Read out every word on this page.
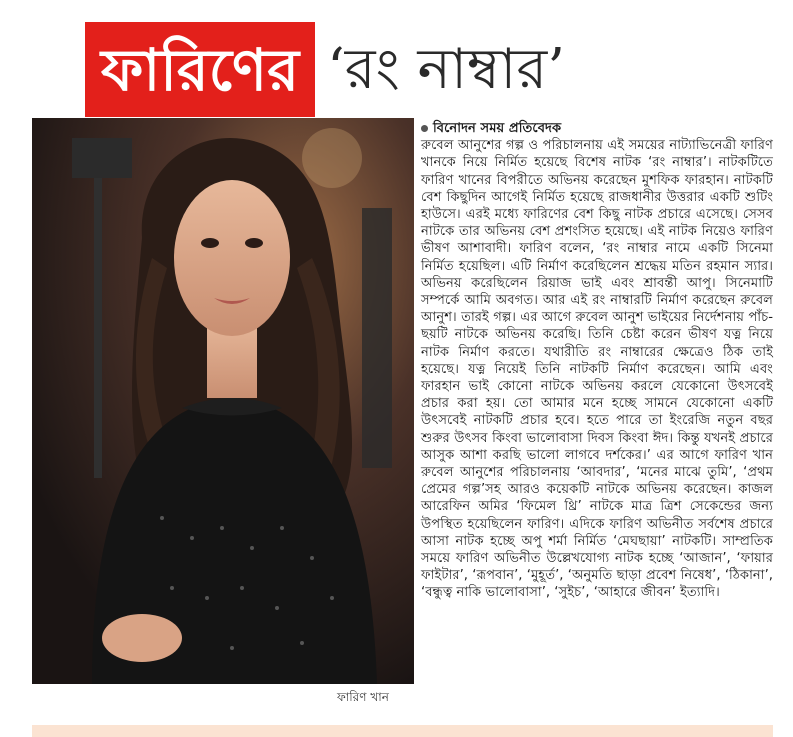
ফারিণের ‘রং নাম্বার’
ফারিণ খান
বিনোদন সময় প্রতিবেদক

রুবেল আনুশের গল্প ও পরিচালনায় এই সময়ের নাট্যাভিনেত্রী ফারিণ খানকে নিয়ে নির্মিত হয়েছে বিশেষ নাটক ‘রং নাম্বার’। নাটকটিতে ফারিণ খানের বিপরীতে অভিনয় করেছেন মুশফিক ফারহান। নাটকটি বেশ কিছুদিন আগেই নির্মিত হয়েছে রাজধানীর উত্তরার একটি শুটিং হাউসে। এরই মধ্যে ফারিণের বেশ কিছু নাটক প্রচারে এসেছে। সেসব নাটকে তার অভিনয় বেশ প্রশংসিত হয়েছে। এই নাটক নিয়েও ফারিণ ভীষণ আশাবাদী। ফারিণ বলেন, ‘রং নাম্বার নামে একটি সিনেমা নির্মিত হয়েছিল। এটি নির্মাণ করেছিলেন শ্রদ্ধেয় মতিন রহমান স্যার। অভিনয় করেছিলেন রিয়াজ ভাই এবং শ্রাবন্তী আপু। সিনেমাটি সম্পর্কে আমি অবগত। আর এই রং নাম্বারটি নির্মাণ করেছেন রুবেল আনুশ। তারই গল্প। এর আগে রুবেল আনুশ ভাইয়ের নির্দেশনায় পাঁচ-ছয়টি নাটকে অভিনয় করেছি। তিনি চেষ্টা করেন ভীষণ যত্ন নিয়ে নাটক নির্মাণ করতে। যথারীতি রং নাম্বারের ক্ষেত্রেও ঠিক তাই হয়েছে। যত্ন নিয়েই তিনি নাটকটি নির্মাণ করেছেন। আমি এবং ফারহান ভাই কোনো নাটকে অভিনয় করলে যেকোনো উৎসবেই প্রচার করা হয়। তো আমার মনে হচ্ছে সামনে যেকোনো একটি উৎসবেই নাটকটি প্রচার হবে। হতে পারে তা ইংরেজি নতুন বছর শুরুর উৎসব কিংবা ভালোবাসা দিবস কিংবা ঈদ। কিন্তু যখনই প্রচারে আসুক আশা করছি ভালো লাগবে দর্শকের।’ এর আগে ফারিণ খান রুবেল আনুশের পরিচালনায় ‘আবদার’, ‘মনের মাঝে তুমি’, ‘প্রথম প্রেমের গল্প’সহ আরও কয়েকটি নাটকে অভিনয় করেছেন। কাজল আরেফিন অমির ‘ফিমেল থ্রি’ নাটকে মাত্র ত্রিশ সেকেন্ডের জন্য উপস্থিত হয়েছিলেন ফারিণ। এদিকে ফারিণ অভিনীত সর্বশেষ প্রচারে আসা নাটক হচ্ছে অপু শর্মা নির্মিত ‘মেঘছায়া’ নাটকটি। সাম্প্রতিক সময়ে ফারিণ অভিনীত উল্লেখযোগ্য নাটক হচ্ছে ‘আজান’, ‘ফায়ার ফাইটার’, ‘রূপবান’, ‘মুহূর্ত’, ‘অনুমতি ছাড়া প্রবেশ নিষেধ’, ‘ঠিকানা’, ‘বন্ধুত্ব নাকি ভালোবাসা’, ‘সুইচ’, ‘আহারে জীবন’ ইত্যাদি।
